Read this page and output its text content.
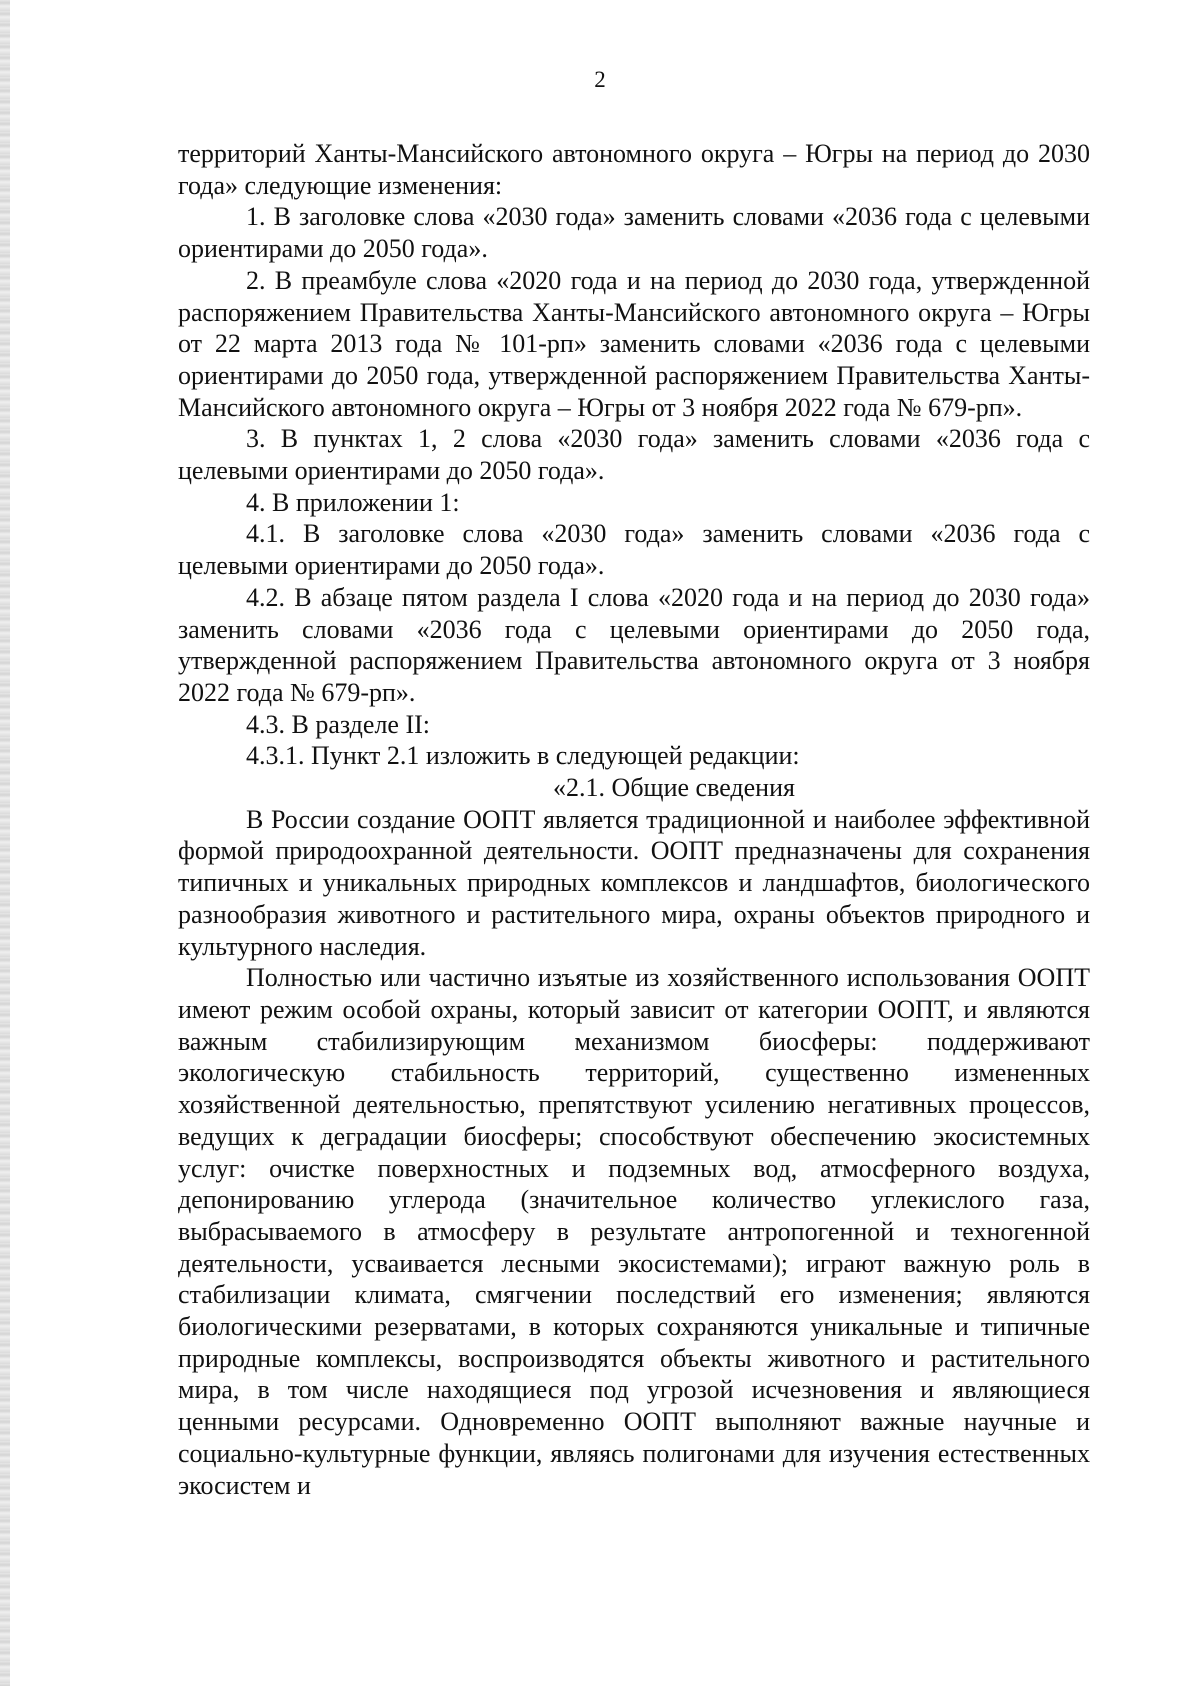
2

территорий Ханты-Мансийского автономного округа – Югры на период до 2030 года» следующие изменения:

1. В заголовке слова «2030 года» заменить словами «2036 года с целевыми ориентирами до 2050 года».

2. В преамбуле слова «2020 года и на период до 2030 года, утвержденной распоряжением Правительства Ханты-Мансийского автономного округа – Югры от 22 марта 2013 года № 101-рп» заменить словами «2036 года с целевыми ориентирами до 2050 года, утвержденной распоряжением Правительства Ханты-Мансийского автономного округа – Югры от 3 ноября 2022 года № 679-рп».

3. В пунктах 1, 2 слова «2030 года» заменить словами «2036 года с целевыми ориентирами до 2050 года».

4. В приложении 1:

4.1. В заголовке слова «2030 года» заменить словами «2036 года с целевыми ориентирами до 2050 года».

4.2. В абзаце пятом раздела I слова «2020 года и на период до 2030 года» заменить словами «2036 года с целевыми ориентирами до 2050 года, утвержденной распоряжением Правительства автономного округа от 3 ноября 2022 года № 679-рп».

4.3. В разделе II:

4.3.1. Пункт 2.1 изложить в следующей редакции:

«2.1. Общие сведения

В России создание ООПТ является традиционной и наиболее эффективной формой природоохранной деятельности. ООПТ предназначены для сохранения типичных и уникальных природных комплексов и ландшафтов, биологического разнообразия животного и растительного мира, охраны объектов природного и культурного наследия.

Полностью или частично изъятые из хозяйственного использования ООПТ имеют режим особой охраны, который зависит от категории ООПТ, и являются важным стабилизирующим механизмом биосферы: поддерживают экологическую стабильность территорий, существенно измененных хозяйственной деятельностью, препятствуют усилению негативных процессов, ведущих к деградации биосферы; способствуют обеспечению экосистемных услуг: очистке поверхностных и подземных вод, атмосферного воздуха, депонированию углерода (значительное количество углекислого газа, выбрасываемого в атмосферу в результате антропогенной и техногенной деятельности, усваивается лесными экосистемами); играют важную роль в стабилизации климата, смягчении последствий его изменения; являются биологическими резерватами, в которых сохраняются уникальные и типичные природные комплексы, воспроизводятся объекты животного и растительного мира, в том числе находящиеся под угрозой исчезновения и являющиеся ценными ресурсами. Одновременно ООПТ выполняют важные научные и социально-культурные функции, являясь полигонами для изучения естественных экосистем и
